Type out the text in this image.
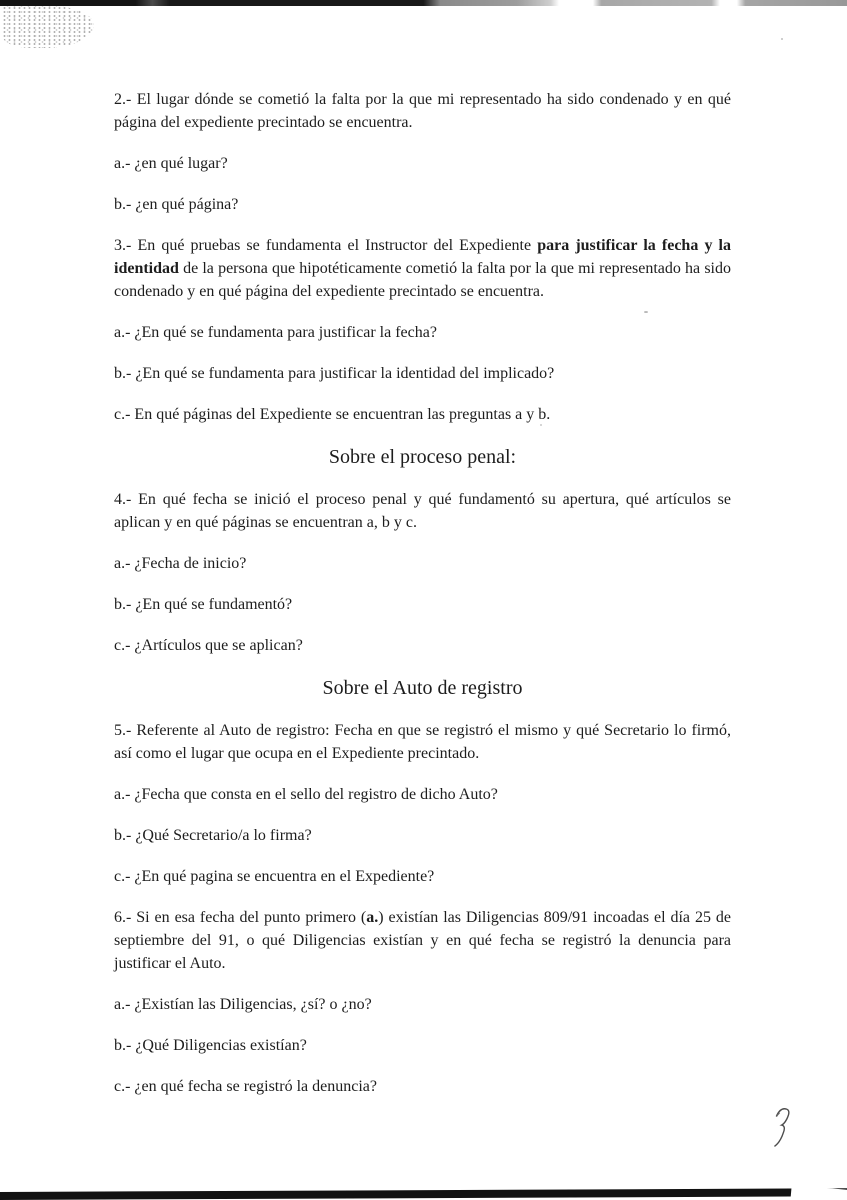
2.- El lugar dónde se cometió la falta por la que mi representado ha sido condenado y en qué página del expediente precintado se encuentra.

a.- ¿en qué lugar?

b.- ¿en qué página?

3.- En qué pruebas se fundamenta el Instructor del Expediente para justificar la fecha y la identidad de la persona que hipotéticamente cometió la falta por la que mi representado ha sido condenado y en qué página del expediente precintado se encuentra.

a.- ¿En qué se fundamenta para justificar la fecha?

b.- ¿En qué se fundamenta para justificar la identidad del implicado?

c.- En qué páginas del Expediente se encuentran las preguntas a y b.

Sobre el proceso penal:

4.- En qué fecha se inició el proceso penal y qué fundamentó su apertura, qué artículos se aplican y en qué páginas se encuentran a, b y c.

a.- ¿Fecha de inicio?

b.- ¿En qué se fundamentó?

c.- ¿Artículos que se aplican?

Sobre el Auto de registro

5.- Referente al Auto de registro: Fecha en que se registró el mismo y qué Secretario lo firmó, así como el lugar que ocupa en el Expediente precintado.

a.- ¿Fecha que consta en el sello del registro de dicho Auto?

b.- ¿Qué Secretario/a lo firma?

c.- ¿En qué pagina se encuentra en el Expediente?

6.- Si en esa fecha del punto primero (a.) existían las Diligencias 809/91 incoadas el día 25 de septiembre del 91, o qué Diligencias existían y en qué fecha se registró la denuncia para justificar el Auto.

a.- ¿Existían las Diligencias, ¿sí? o ¿no?

b.- ¿Qué Diligencias existían?

c.- ¿en qué fecha se registró la denuncia?
